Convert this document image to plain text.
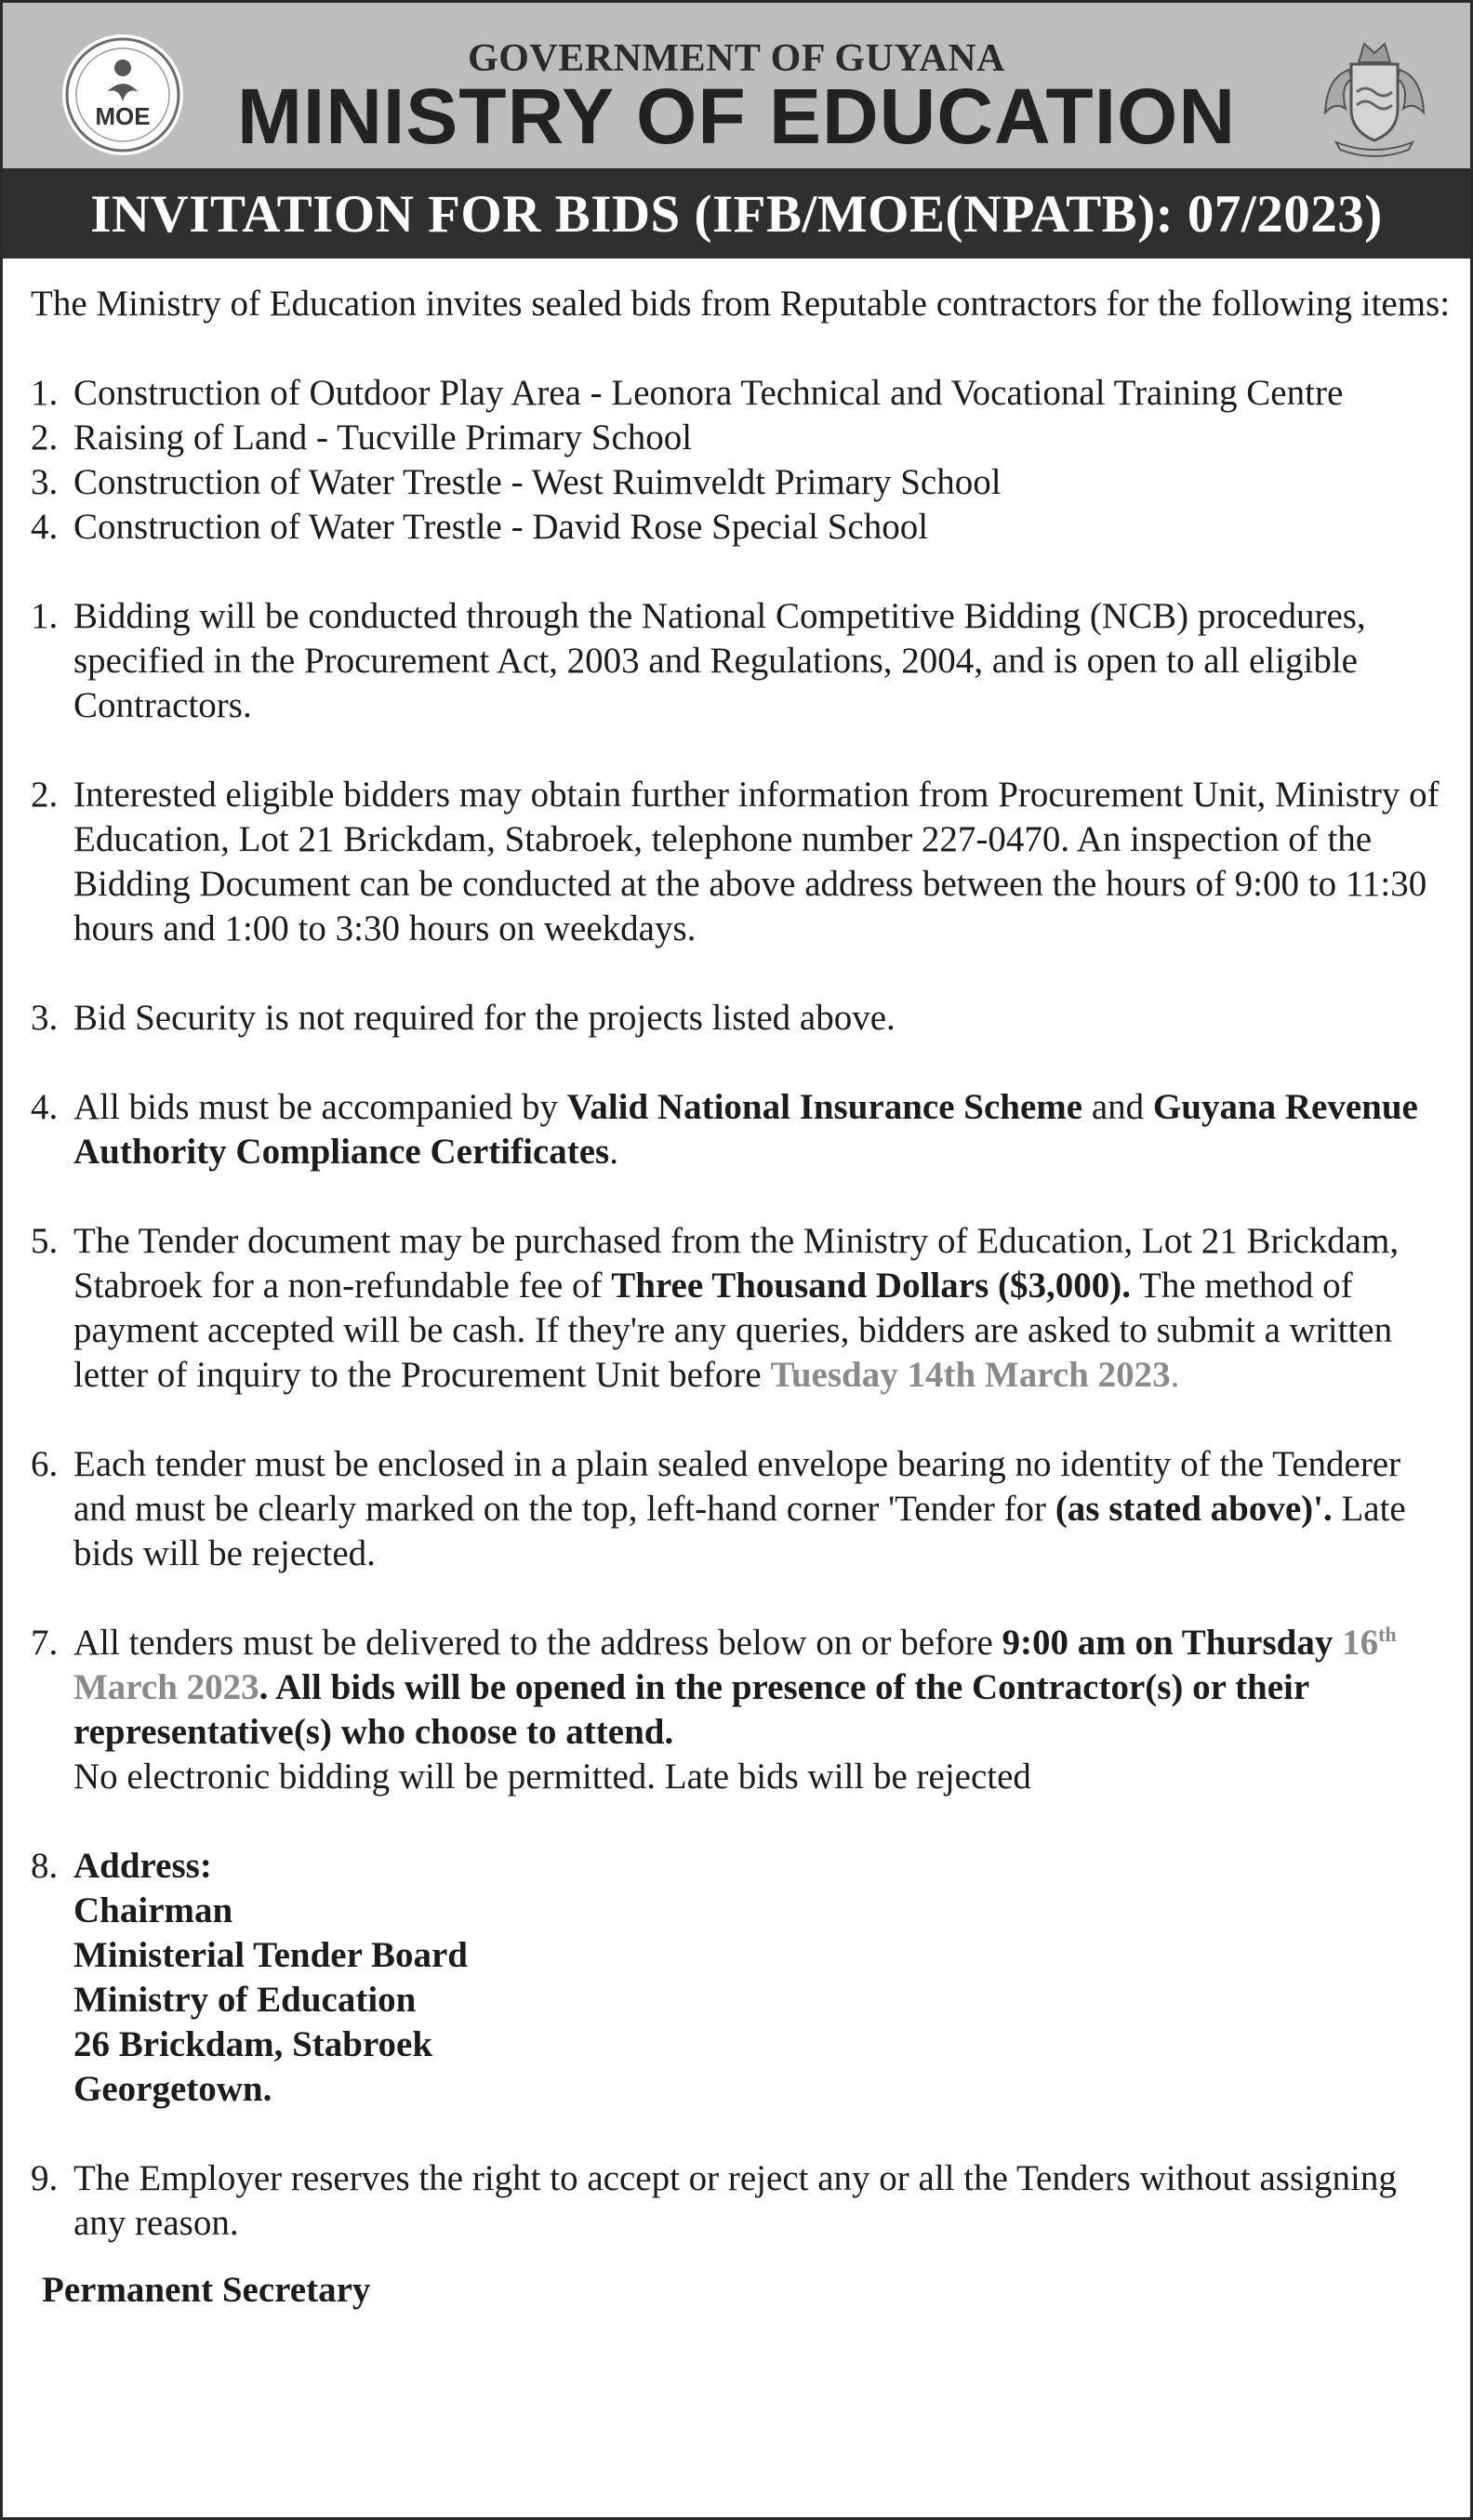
MOE
GOVERNMENT OF GUYANA
MINISTRY OF EDUCATION
INVITATION FOR BIDS (IFB/MOE(NPATB): 07/2023)

The Ministry of Education invites sealed bids from Reputable contractors for the following items:

1. Construction of Outdoor Play Area - Leonora Technical and Vocational Training Centre
2. Raising of Land - Tucville Primary School
3. Construction of Water Trestle - West Ruimveldt Primary School
4. Construction of Water Trestle - David Rose Special School
1. Bidding will be conducted through the National Competitive Bidding (NCB) procedures, specified in the Procurement Act, 2003 and Regulations, 2004, and is open to all eligible Contractors.
2. Interested eligible bidders may obtain further information from Procurement Unit, Ministry of Education, Lot 21 Brickdam, Stabroek, telephone number 227-0470. An inspection of the Bidding Document can be conducted at the above address between the hours of 9:00 to 11:30 hours and 1:00 to 3:30 hours on weekdays.
3. Bid Security is not required for the projects listed above.
4. All bids must be accompanied by Valid National Insurance Scheme and Guyana Revenue Authority Compliance Certificates.
5. The Tender document may be purchased from the Ministry of Education, Lot 21 Brickdam, Stabroek for a non-refundable fee of Three Thousand Dollars ($3,000). The method of payment accepted will be cash. If they're any queries, bidders are asked to submit a written letter of inquiry to the Procurement Unit before Tuesday 14th March 2023.
6. Each tender must be enclosed in a plain sealed envelope bearing no identity of the Tenderer and must be clearly marked on the top, left-hand corner 'Tender for (as stated above)'. Late bids will be rejected.
7. All tenders must be delivered to the address below on or before 9:00 am on Thursday 16th March 2023. All bids will be opened in the presence of the Contractor(s) or their representative(s) who choose to attend.
No electronic bidding will be permitted. Late bids will be rejected
8. Address:
Chairman
Ministerial Tender Board
Ministry of Education
26 Brickdam, Stabroek
Georgetown.
9. The Employer reserves the right to accept or reject any or all the Tenders without assigning any reason.
Permanent Secretary
